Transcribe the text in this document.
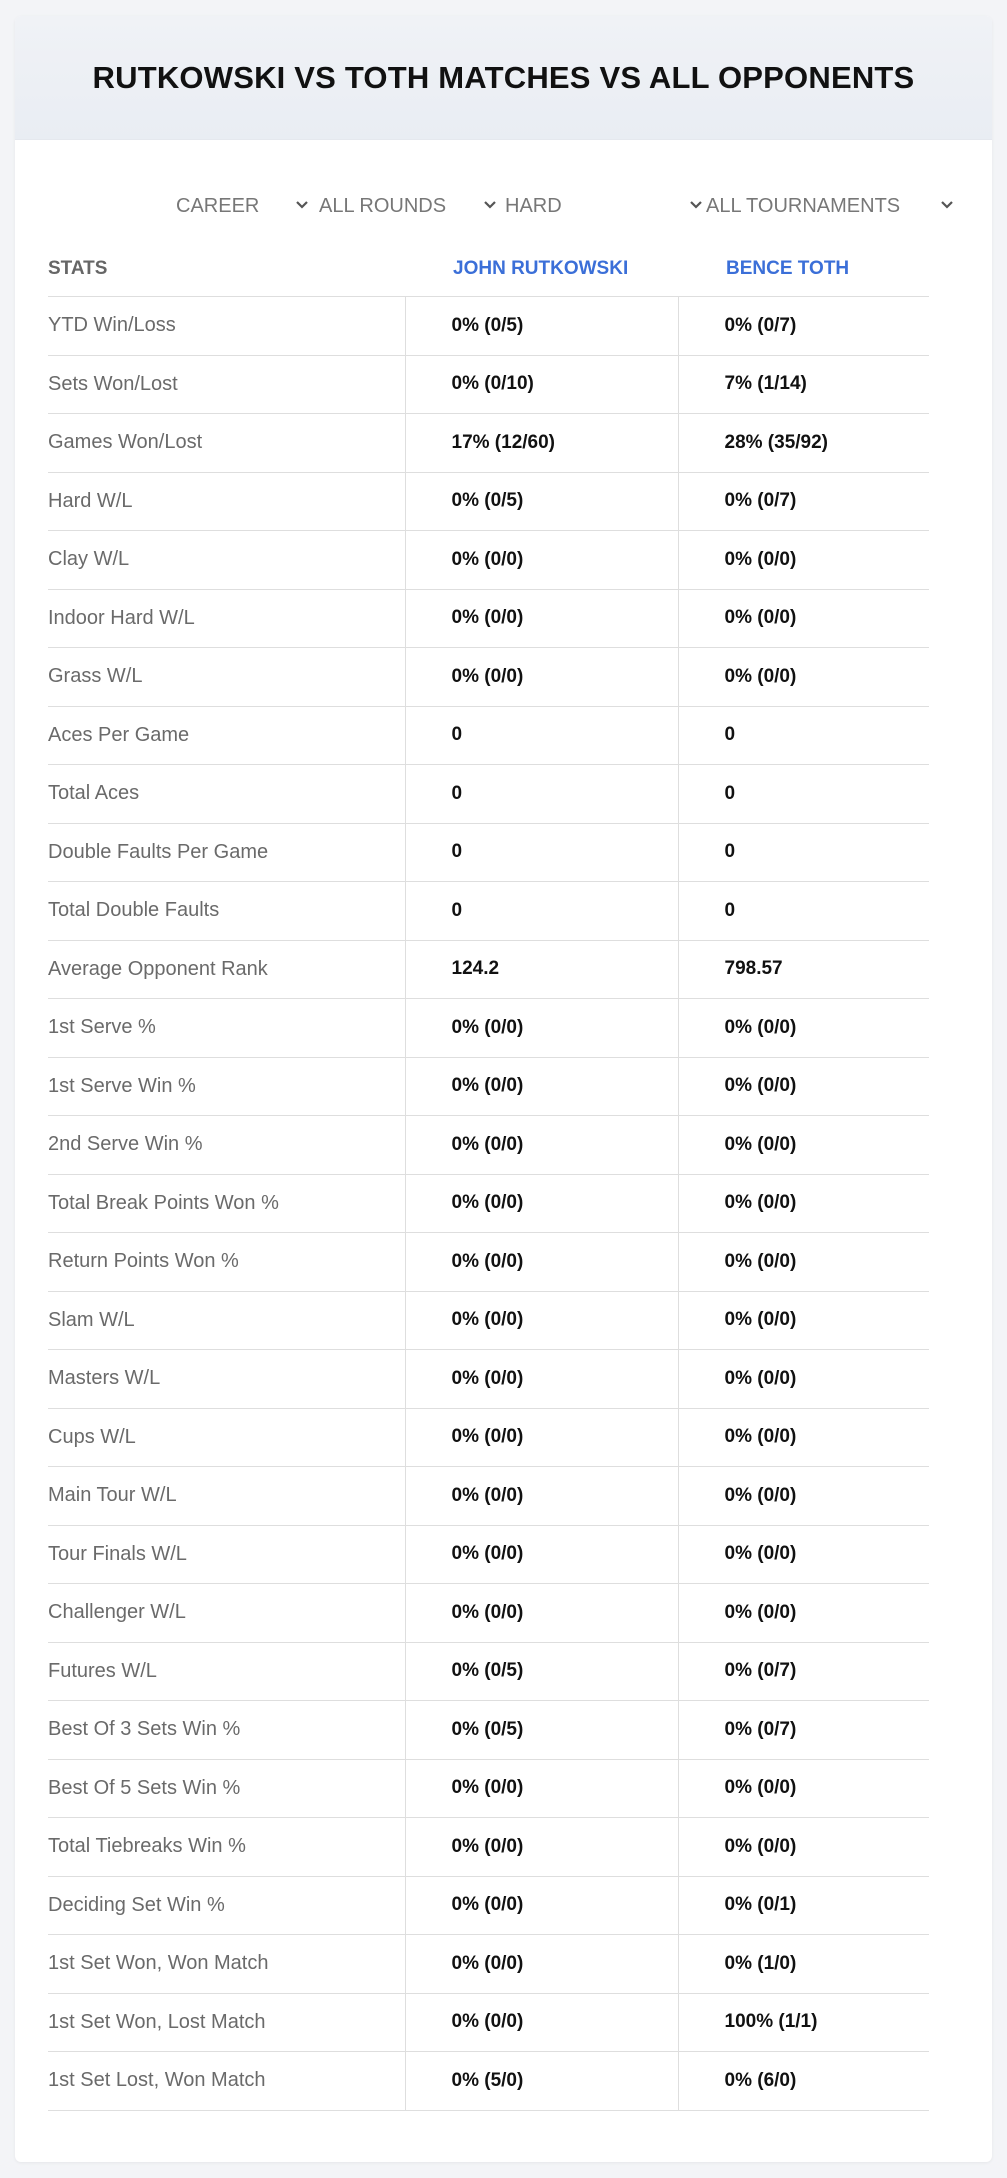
RUTKOWSKI VS TOTH MATCHES VS ALL OPPONENTS
CAREER	ALL ROUNDS	HARD	ALL TOURNAMENTS
STATS	JOHN RUTKOWSKI	BENCE TOTH
YTD Win/Loss	0% (0/5)	0% (0/7)
Sets Won/Lost	0% (0/10)	7% (1/14)
Games Won/Lost	17% (12/60)	28% (35/92)
Hard W/L	0% (0/5)	0% (0/7)
Clay W/L	0% (0/0)	0% (0/0)
Indoor Hard W/L	0% (0/0)	0% (0/0)
Grass W/L	0% (0/0)	0% (0/0)
Aces Per Game	0	0
Total Aces	0	0
Double Faults Per Game	0	0
Total Double Faults	0	0
Average Opponent Rank	124.2	798.57
1st Serve %	0% (0/0)	0% (0/0)
1st Serve Win %	0% (0/0)	0% (0/0)
2nd Serve Win %	0% (0/0)	0% (0/0)
Total Break Points Won %	0% (0/0)	0% (0/0)
Return Points Won %	0% (0/0)	0% (0/0)
Slam W/L	0% (0/0)	0% (0/0)
Masters W/L	0% (0/0)	0% (0/0)
Cups W/L	0% (0/0)	0% (0/0)
Main Tour W/L	0% (0/0)	0% (0/0)
Tour Finals W/L	0% (0/0)	0% (0/0)
Challenger W/L	0% (0/0)	0% (0/0)
Futures W/L	0% (0/5)	0% (0/7)
Best Of 3 Sets Win %	0% (0/5)	0% (0/7)
Best Of 5 Sets Win %	0% (0/0)	0% (0/0)
Total Tiebreaks Win %	0% (0/0)	0% (0/0)
Deciding Set Win %	0% (0/0)	0% (0/1)
1st Set Won, Won Match	0% (0/0)	0% (1/0)
1st Set Won, Lost Match	0% (0/0)	100% (1/1)
1st Set Lost, Won Match	0% (5/0)	0% (6/0)
